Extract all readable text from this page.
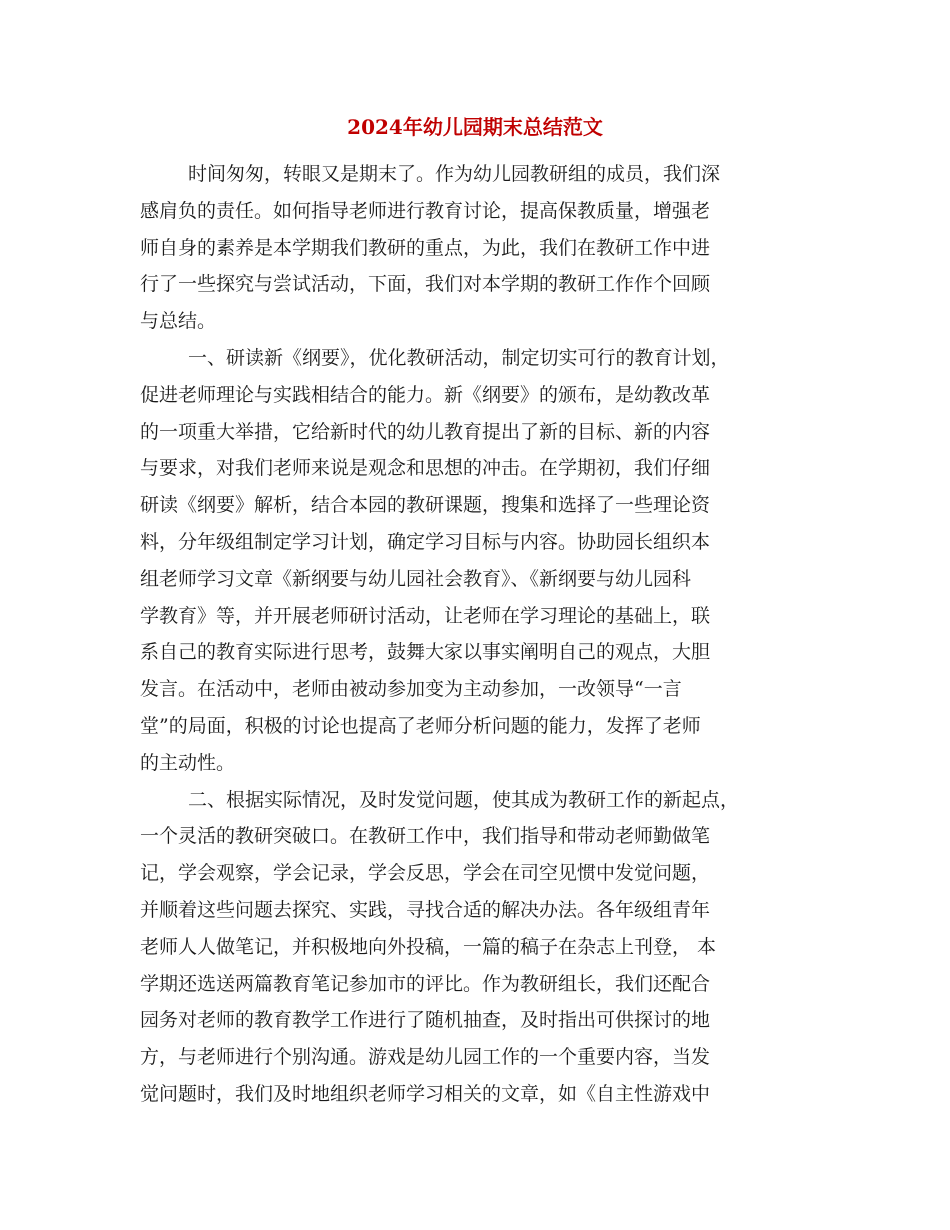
2024年幼儿园期末总结范文
时间匆匆，转眼又是期末了。作为幼儿园教研组的成员，我们深
感肩负的责任。如何指导老师进行教育讨论，提高保教质量，增强老
师自身的素养是本学期我们教研的重点，为此，我们在教研工作中进
行了一些探究与尝试活动，下面，我们对本学期的教研工作作个回顾
与总结。
一、研读新《纲要》，优化教研活动，制定切实可行的教育计划，
促进老师理论与实践相结合的能力。新《纲要》的颁布，是幼教改革
的一项重大举措，它给新时代的幼儿教育提出了新的目标、新的内容
与要求，对我们老师来说是观念和思想的冲击。在学期初，我们仔细
研读《纲要》解析，结合本园的教研课题，搜集和选择了一些理论资
料，分年级组制定学习计划，确定学习目标与内容。协助园长组织本
组老师学习文章《新纲要与幼儿园社会教育》、《新纲要与幼儿园科
学教育》等，并开展老师研讨活动，让老师在学习理论的基础上，联
系自己的教育实际进行思考，鼓舞大家以事实阐明自己的观点，大胆
发言。在活动中，老师由被动参加变为主动参加，一改领导“一言
堂”的局面，积极的讨论也提高了老师分析问题的能力，发挥了老师
的主动性。
二、根据实际情况，及时发觉问题，使其成为教研工作的新起点，
一个灵活的教研突破口。在教研工作中，我们指导和带动老师勤做笔
记，学会观察，学会记录，学会反思，学会在司空见惯中发觉问题，
并顺着这些问题去探究、实践，寻找合适的解决办法。各年级组青年
老师人人做笔记，并积极地向外投稿，一篇的稿子在杂志上刊登， 本
学期还选送两篇教育笔记参加市的评比。作为教研组长，我们还配合
园务对老师的教育教学工作进行了随机抽查，及时指出可供探讨的地
方，与老师进行个别沟通。游戏是幼儿园工作的一个重要内容，当发
觉问题时，我们及时地组织老师学习相关的文章，如《自主性游戏中
